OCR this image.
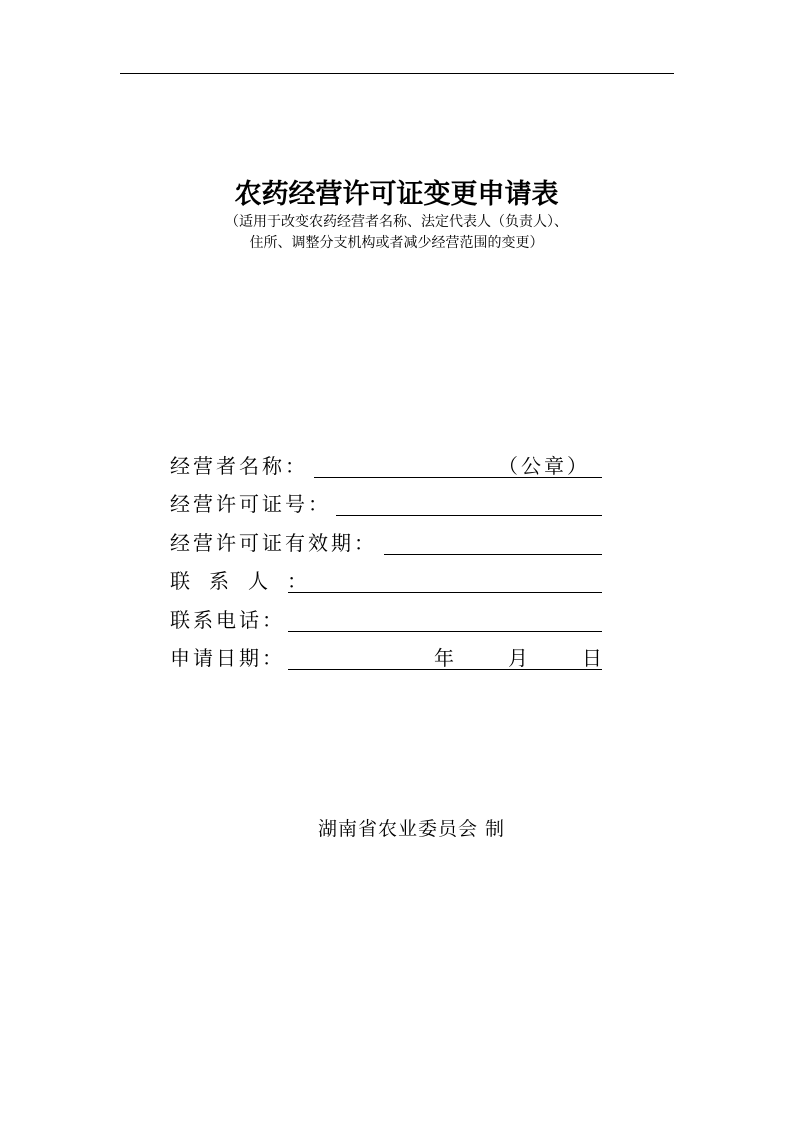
农药经营许可证变更申请表
（适用于改变农药经营者名称、法定代表人（负责人）、
住所、调整分支机构或者减少经营范围的变更）
经营者名称：	（公章）
经营许可证号：
经营许可证有效期：
联系人：
联系电话：
申请日期：	年	月	日
湖南省农业委员会 制
